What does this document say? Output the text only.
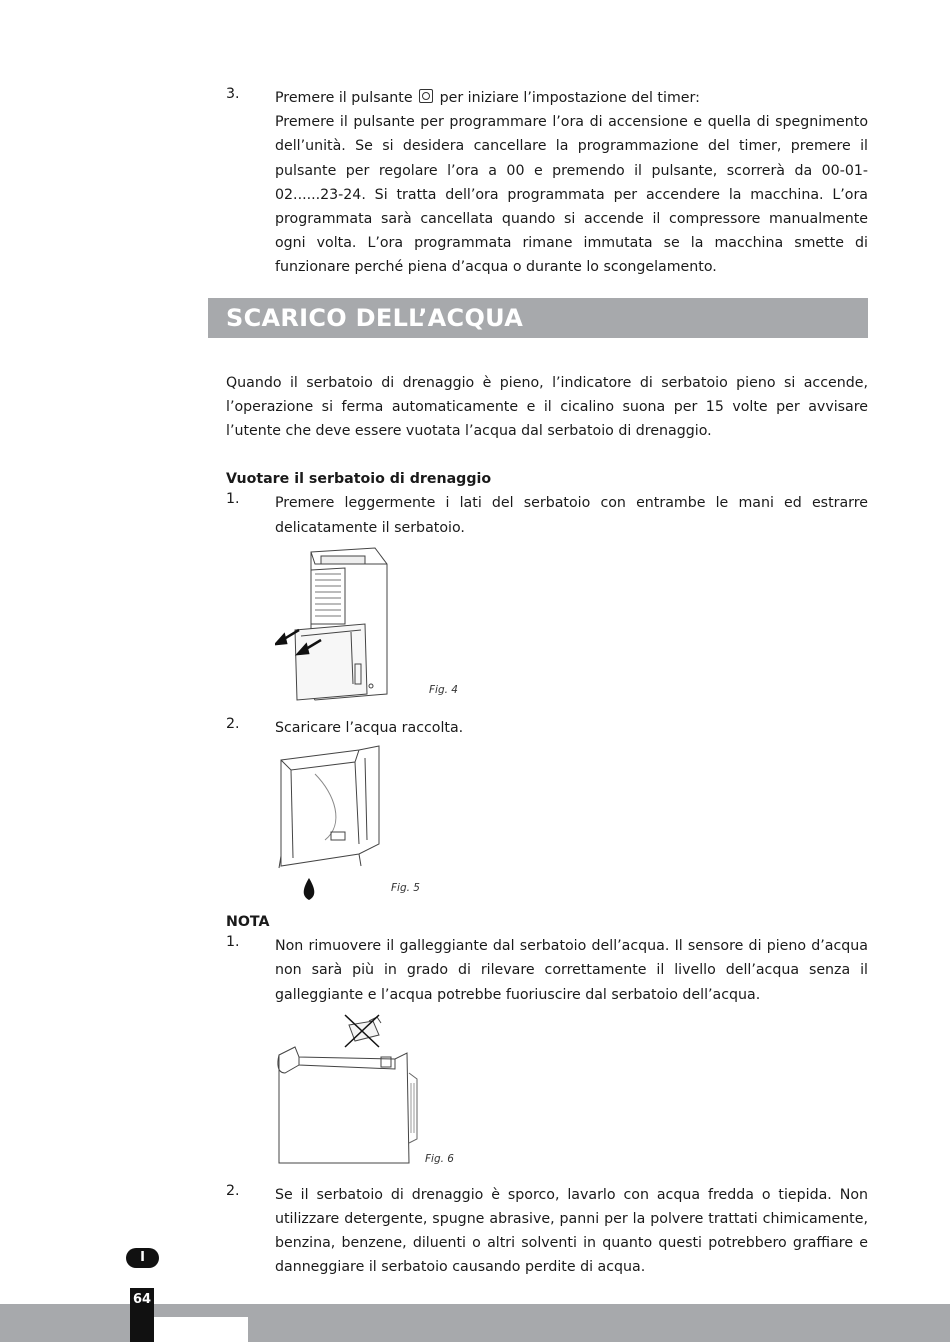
3. Premere il pulsante per iniziare l’impostazione del timer:

Premere il pulsante per programmare l’ora di accensione e quella di spegnimento dell’unità. Se si desidera cancellare la programmazione del timer, premere il pulsante per regolare l’ora a 00 e premendo il pulsante, scorrerà da 00-01-02......23-24. Si tratta dell’ora programmata per accendere la macchina. L’ora programmata sarà cancellata quando si accende il compressore manualmente ogni volta. L’ora programmata rimane immutata se la macchina smette di funzionare perché piena d’acqua o durante lo scongelamento.

Quando il serbatoio di drenaggio è pieno, l’indicatore di serbatoio pieno si accende, l’operazione si ferma automaticamente e il cicalino suona per 15 volte per avvisare l’utente che deve essere vuotata l’acqua dal serbatoio di drenaggio.

Vuotare il serbatoio di drenaggio

1. Premere leggermente i lati del serbatoio con entrambe le mani ed estrarre delicatamente il serbatoio.

Fig. 4
2. Scaricare l’acqua raccolta.

Fig. 5

NOTA

1. Non rimuovere il galleggiante dal serbatoio dell’acqua. Il sensore di pieno d’acqua non sarà più in grado di rilevare correttamente il livello dell’acqua senza il galleggiante e l’acqua potrebbe fuoriuscire dal serbatoio dell’acqua.

Fig. 6
2. Se il serbatoio di drenaggio è sporco, lavarlo con acqua fredda o tiepida. Non utilizzare detergente, spugne abrasive, panni per la polvere trattati chimicamente, benzina, benzene, diluenti o altri solventi in quanto questi potrebbero graffiare e danneggiare il serbatoio causando perdite di acqua.

SCARICO DELL’ACQUA
I
64
